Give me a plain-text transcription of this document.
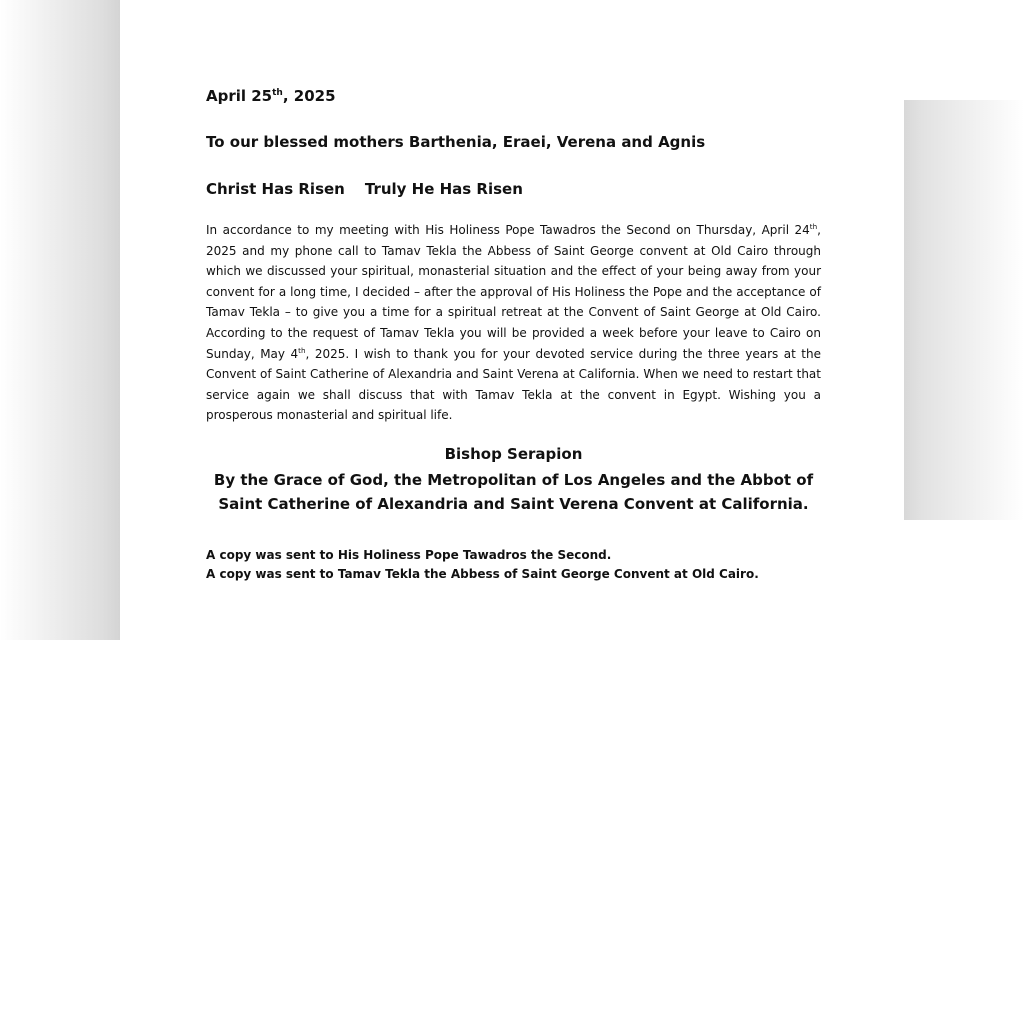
April 25th, 2025

To our blessed mothers Barthenia, Eraei, Verena and Agnis

Christ Has Risen Truly He Has Risen

In accordance to my meeting with His Holiness Pope Tawadros the Second on Thursday, April 24th, 2025 and my phone call to Tamav Tekla the Abbess of Saint George convent at Old Cairo through which we discussed your spiritual, monasterial situation and the effect of your being away from your convent for a long time, I decided – after the approval of His Holiness the Pope and the acceptance of Tamav Tekla – to give you a time for a spiritual retreat at the Convent of Saint George at Old Cairo. According to the request of Tamav Tekla you will be provided a week before your leave to Cairo on Sunday, May 4th, 2025. I wish to thank you for your devoted service during the three years at the Convent of Saint Catherine of Alexandria and Saint Verena at California. When we need to restart that service again we shall discuss that with Tamav Tekla at the convent in Egypt. Wishing you a prosperous monasterial and spiritual life.

Bishop Serapion
By the Grace of God, the Metropolitan of Los Angeles and the Abbot of Saint Catherine of Alexandria and Saint Verena Convent at California.
A copy was sent to His Holiness Pope Tawadros the Second.
A copy was sent to Tamav Tekla the Abbess of Saint George Convent at Old Cairo.
